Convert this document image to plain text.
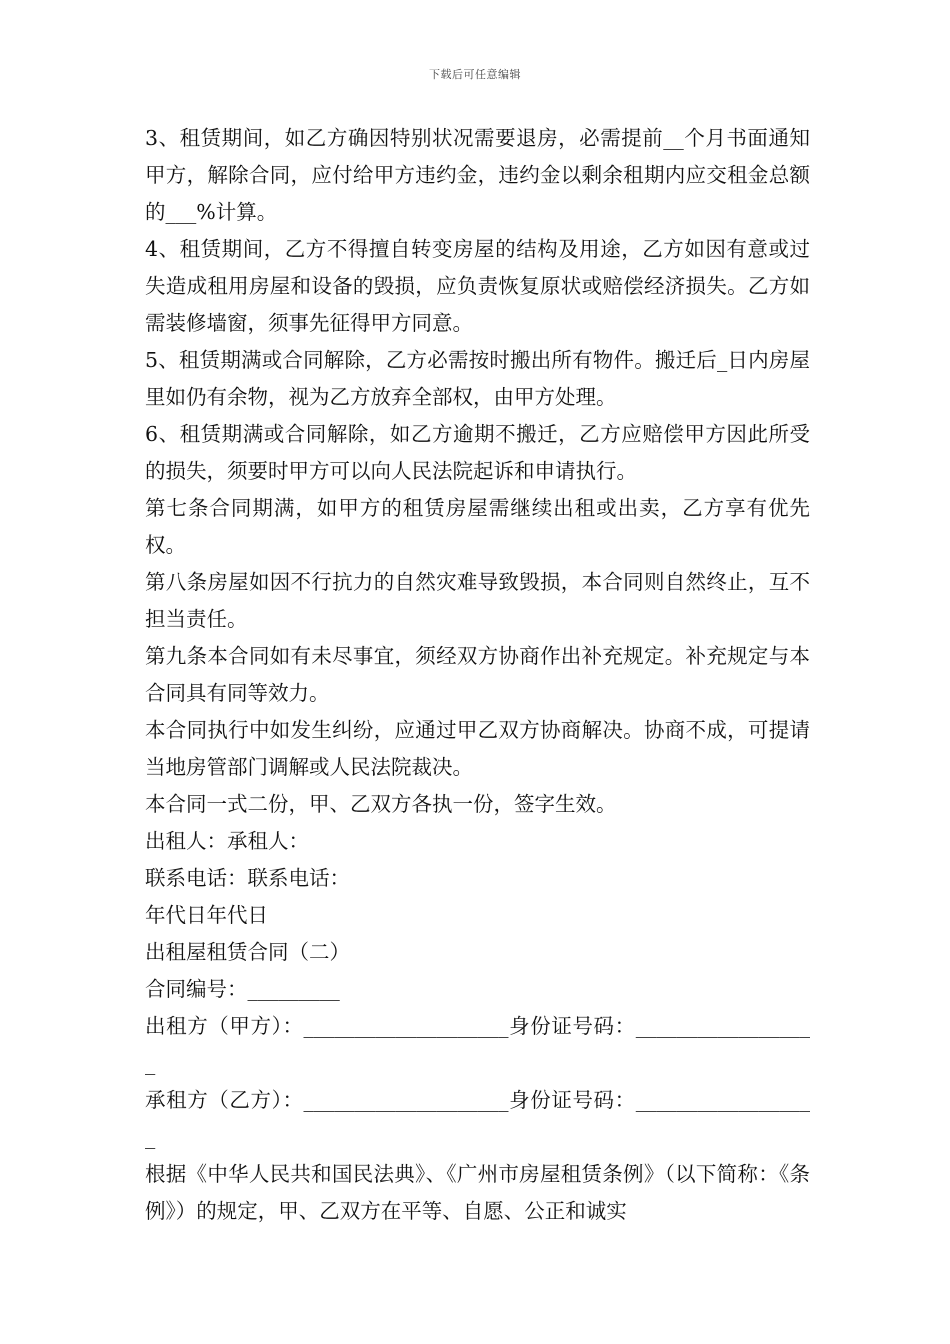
下载后可任意编辑

3、租赁期间，如乙方确因特别状况需要退房，必需提前__个月书面通知甲方，解除合同，应付给甲方违约金，违约金以剩余租期内应交租金总额的___%计算。

4、租赁期间，乙方不得擅自转变房屋的结构及用途，乙方如因有意或过失造成租用房屋和设备的毁损，应负责恢复原状或赔偿经济损失。乙方如需装修墙窗，须事先征得甲方同意。

5、租赁期满或合同解除，乙方必需按时搬出所有物件。搬迁后_日内房屋里如仍有余物，视为乙方放弃全部权，由甲方处理。

6、租赁期满或合同解除，如乙方逾期不搬迁，乙方应赔偿甲方因此所受的损失，须要时甲方可以向人民法院起诉和申请执行。

第七条合同期满，如甲方的租赁房屋需继续出租或出卖，乙方享有优先权。

第八条房屋如因不行抗力的自然灾难导致毁损，本合同则自然终止，互不担当责任。

第九条本合同如有未尽事宜，须经双方协商作出补充规定。补充规定与本合同具有同等效力。

本合同执行中如发生纠纷，应通过甲乙双方协商解决。协商不成，可提请当地房管部门调解或人民法院裁决。

本合同一式二份，甲、乙双方各执一份，签字生效。

出租人：承租人：

联系电话：联系电话：

年代日年代日

出租屋租赁合同（二）

合同编号：_________

出租方（甲方）：____________________身份证号码：__________________

承租方（乙方）：____________________身份证号码：__________________

根据《中华人民共和国民法典》、《广州市房屋租赁条例》（以下简称：《条例》）的规定，甲、乙双方在平等、自愿、公正和诚实
